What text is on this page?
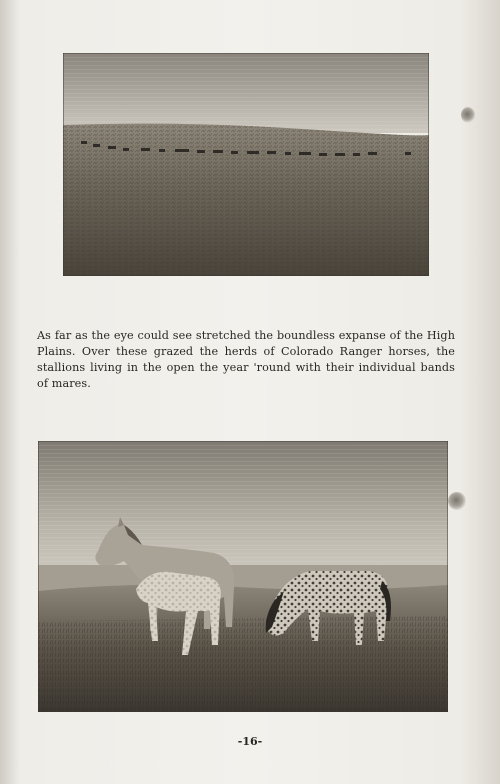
As far as the eye could see stretched the boundless expanse of the High Plains. Over these grazed the herds of Colorado Ranger horses, the stallions living in the open the year 'round with their individual bands of mares.
-16-
